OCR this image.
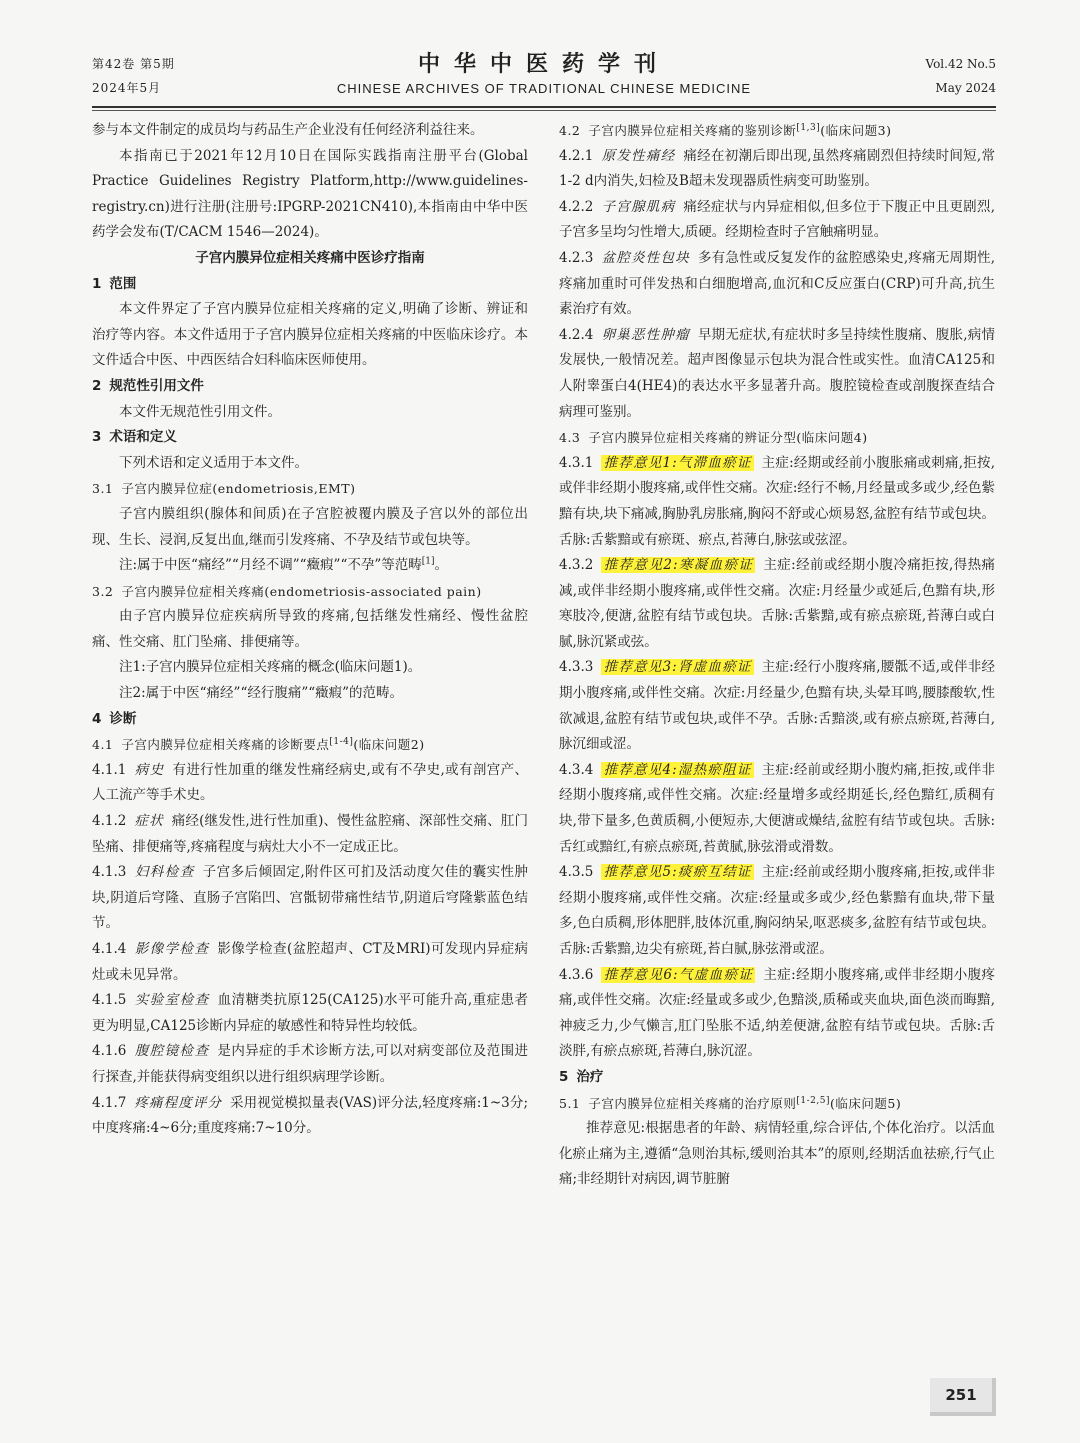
第42卷 第5期
2024年5月
中华中医药学刊
CHINESE ARCHIVES OF TRADITIONAL CHINESE MEDICINE
Vol.42 No.5
May 2024

参与本文件制定的成员均与药品生产企业没有任何经济利益往来。

本指南已于2021年12月10日在国际实践指南注册平台(Global Practice Guidelines Registry Platform,http://www.guidelines-registry.cn)进行注册(注册号:IPGRP-2021CN410),本指南由中华中医药学会发布(T/CACM 1546—2024)。

子宫内膜异位症相关疼痛中医诊疗指南

1 范围

本文件界定了子宫内膜异位症相关疼痛的定义,明确了诊断、辨证和治疗等内容。本文件适用于子宫内膜异位症相关疼痛的中医临床诊疗。本文件适合中医、中西医结合妇科临床医师使用。

2 规范性引用文件

本文件无规范性引用文件。

3 术语和定义

下列术语和定义适用于本文件。

3.1 子宫内膜异位症(endometriosis,EMT)

子宫内膜组织(腺体和间质)在子宫腔被覆内膜及子宫以外的部位出现、生长、浸润,反复出血,继而引发疼痛、不孕及结节或包块等。

注:属于中医“痛经”“月经不调”“癥瘕”“不孕”等范畴[1]。

3.2 子宫内膜异位症相关疼痛(endometriosis-associated pain)

由子宫内膜异位症疾病所导致的疼痛,包括继发性痛经、慢性盆腔痛、性交痛、肛门坠痛、排便痛等。

注1:子宫内膜异位症相关疼痛的概念(临床问题1)。

注2:属于中医“痛经”“经行腹痛”“癥瘕”的范畴。

4 诊断

4.1 子宫内膜异位症相关疼痛的诊断要点[1-4](临床问题2)

4.1.1 病史 有进行性加重的继发性痛经病史,或有不孕史,或有剖宫产、人工流产等手术史。

4.1.2 症状 痛经(继发性,进行性加重)、慢性盆腔痛、深部性交痛、肛门坠痛、排便痛等,疼痛程度与病灶大小不一定成正比。

4.1.3 妇科检查 子宫多后倾固定,附件区可扪及活动度欠佳的囊实性肿块,阴道后穹隆、直肠子宫陷凹、宫骶韧带痛性结节,阴道后穹隆紫蓝色结节。

4.1.4 影像学检查 影像学检查(盆腔超声、CT及MRI)可发现内异症病灶或未见异常。

4.1.5 实验室检查 血清糖类抗原125(CA125)水平可能升高,重症患者更为明显,CA125诊断内异症的敏感性和特异性均较低。

4.1.6 腹腔镜检查 是内异症的手术诊断方法,可以对病变部位及范围进行探查,并能获得病变组织以进行组织病理学诊断。

4.1.7 疼痛程度评分 采用视觉模拟量表(VAS)评分法,轻度疼痛:1~3分;中度疼痛:4~6分;重度疼痛:7~10分。

4.2 子宫内膜异位症相关疼痛的鉴别诊断[1,3](临床问题3)

4.2.1 原发性痛经 痛经在初潮后即出现,虽然疼痛剧烈但持续时间短,常1-2 d内消失,妇检及B超未发现器质性病变可助鉴别。

4.2.2 子宫腺肌病 痛经症状与内异症相似,但多位于下腹正中且更剧烈,子宫多呈均匀性增大,质硬。经期检查时子宫触痛明显。

4.2.3 盆腔炎性包块 多有急性或反复发作的盆腔感染史,疼痛无周期性,疼痛加重时可伴发热和白细胞增高,血沉和C反应蛋白(CRP)可升高,抗生素治疗有效。

4.2.4 卵巢恶性肿瘤 早期无症状,有症状时多呈持续性腹痛、腹胀,病情发展快,一般情况差。超声图像显示包块为混合性或实性。血清CA125和人附睾蛋白4(HE4)的表达水平多显著升高。腹腔镜检查或剖腹探查结合病理可鉴别。

4.3 子宫内膜异位症相关疼痛的辨证分型(临床问题4)

4.3.1 推荐意见1:气滞血瘀证 主症:经期或经前小腹胀痛或刺痛,拒按,或伴非经期小腹疼痛,或伴性交痛。次症:经行不畅,月经量或多或少,经色紫黯有块,块下痛减,胸胁乳房胀痛,胸闷不舒或心烦易怒,盆腔有结节或包块。舌脉:舌紫黯或有瘀斑、瘀点,苔薄白,脉弦或弦涩。

4.3.2 推荐意见2:寒凝血瘀证 主症:经前或经期小腹冷痛拒按,得热痛减,或伴非经期小腹疼痛,或伴性交痛。次症:月经量少或延后,色黯有块,形寒肢冷,便溏,盆腔有结节或包块。舌脉:舌紫黯,或有瘀点瘀斑,苔薄白或白腻,脉沉紧或弦。

4.3.3 推荐意见3:肾虚血瘀证 主症:经行小腹疼痛,腰骶不适,或伴非经期小腹疼痛,或伴性交痛。次症:月经量少,色黯有块,头晕耳鸣,腰膝酸软,性欲减退,盆腔有结节或包块,或伴不孕。舌脉:舌黯淡,或有瘀点瘀斑,苔薄白,脉沉细或涩。

4.3.4 推荐意见4:湿热瘀阻证 主症:经前或经期小腹灼痛,拒按,或伴非经期小腹疼痛,或伴性交痛。次症:经量增多或经期延长,经色黯红,质稠有块,带下量多,色黄质稠,小便短赤,大便溏或燥结,盆腔有结节或包块。舌脉:舌红或黯红,有瘀点瘀斑,苔黄腻,脉弦滑或滑数。

4.3.5 推荐意见5:痰瘀互结证 主症:经前或经期小腹疼痛,拒按,或伴非经期小腹疼痛,或伴性交痛。次症:经量或多或少,经色紫黯有血块,带下量多,色白质稠,形体肥胖,肢体沉重,胸闷纳呆,呕恶痰多,盆腔有结节或包块。舌脉:舌紫黯,边尖有瘀斑,苔白腻,脉弦滑或涩。

4.3.6 推荐意见6:气虚血瘀证 主症:经期小腹疼痛,或伴非经期小腹疼痛,或伴性交痛。次症:经量或多或少,色黯淡,质稀或夹血块,面色淡而晦黯,神疲乏力,少气懒言,肛门坠胀不适,纳差便溏,盆腔有结节或包块。舌脉:舌淡胖,有瘀点瘀斑,苔薄白,脉沉涩。

5 治疗

5.1 子宫内膜异位症相关疼痛的治疗原则[1-2,5](临床问题5)

推荐意见:根据患者的年龄、病情轻重,综合评估,个体化治疗。以活血化瘀止痛为主,遵循“急则治其标,缓则治其本”的原则,经期活血祛瘀,行气止痛;非经期针对病因,调节脏腑

251
